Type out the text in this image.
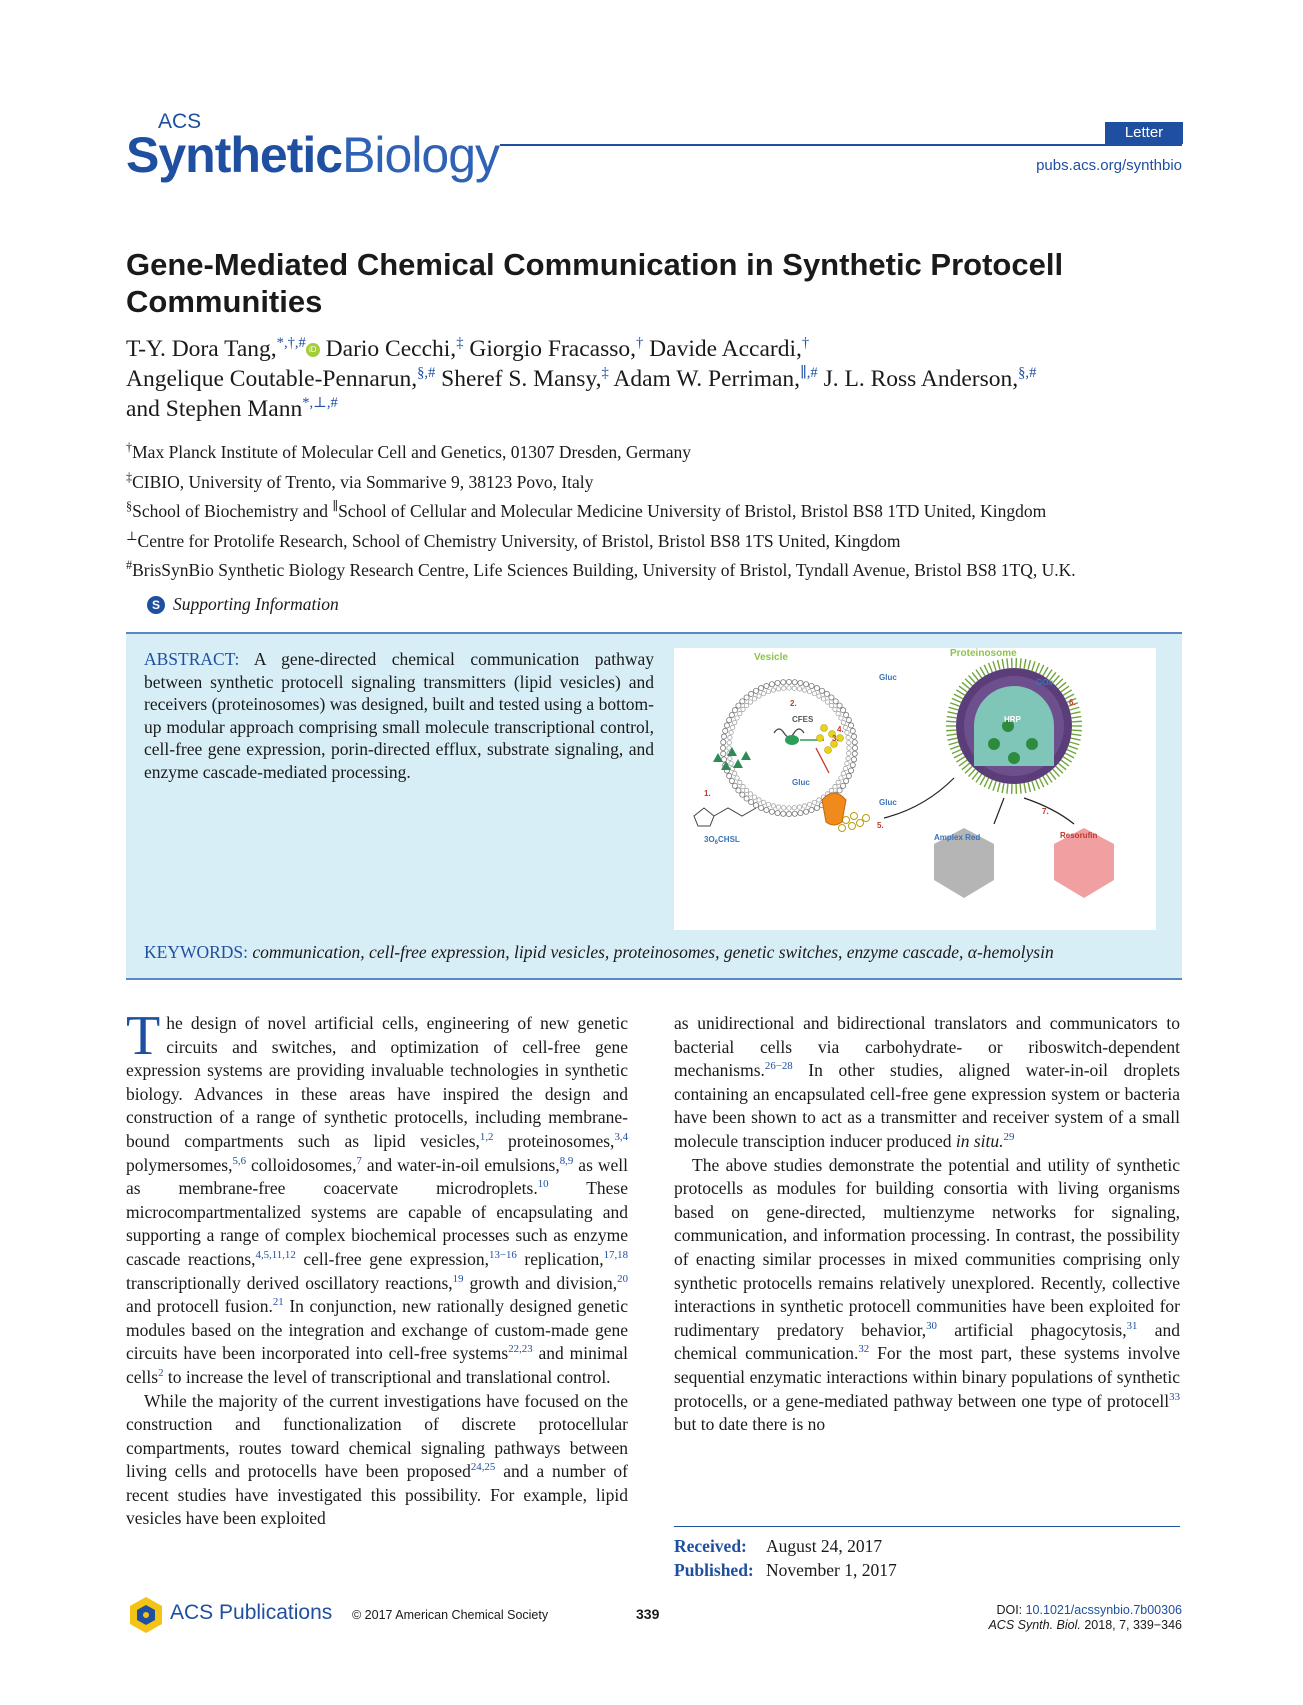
ACS
SyntheticBiology	Letter
pubs.acs.org/synthbio
Gene-Mediated Chemical Communication in Synthetic Protocell Communities
T-Y. Dora Tang,*,†,# iD Dario Cecchi,‡ Giorgio Fracasso,† Davide Accardi,†
Angelique Coutable-Pennarun,§,# Sheref S. Mansy,‡ Adam W. Perriman,∥,# J. L. Ross Anderson,§,#
and Stephen Mann*,⊥,#
†Max Planck Institute of Molecular Cell and Genetics, 01307 Dresden, Germany
‡CIBIO, University of Trento, via Sommarive 9, 38123 Povo, Italy
§School of Biochemistry and ∥School of Cellular and Molecular Medicine University of Bristol, Bristol BS8 1TD United, Kingdom
⊥Centre for Protolife Research, School of Chemistry University, of Bristol, Bristol BS8 1TS United, Kingdom
#BrisSynBio Synthetic Biology Research Centre, Life Sciences Building, University of Bristol, Tyndall Avenue, Bristol BS8 1TQ, U.K.
S Supporting Information
ABSTRACT: A gene-directed chemical communication pathway between synthetic protocell signaling transmitters (lipid vesicles) and receivers (proteinosomes) was designed, built and tested using a bottom-up modular approach comprising small molecule transcriptional control, cell-free gene expression, porin-directed efflux, substrate signaling, and enzyme cascade-mediated processing.
Vesicle	Proteinosome
CFES
Gluc
Gluc
Gluc
GOx
HRP
Amplex Red	Resorufin
$3O_6CHSL$
1.
2.
3.
4.
5.
6.
7.
KEYWORDS: communication, cell-free expression, lipid vesicles, proteinosomes, genetic switches, enzyme cascade, α-hemolysin

The design of novel artificial cells, engineering of new genetic circuits and switches, and optimization of cell-free gene expression systems are providing invaluable technologies in synthetic biology. Advances in these areas have inspired the design and construction of a range of synthetic protocells, including membrane-bound compartments such as lipid vesicles,$^{1,2}$ proteinosomes,$^{3,4}$ polymersomes,$^{5,6}$ colloidosomes,$^7$ and water-in-oil emulsions,$^{8,9}$ as well as membrane-free coacervate microdroplets.$^{10}$ These microcompartmentalized systems are capable of encapsulating and supporting a range of complex biochemical processes such as enzyme cascade reactions,$^{4,5,11,12}$ cell-free gene expression,$^{13-16}$ replication,$^{17,18}$ transcriptionally derived oscillatory reactions,$^{19}$ growth and division,$^{20}$ and protocell fusion.$^{21}$ In conjunction, new rationally designed genetic modules based on the integration and exchange of custom-made gene circuits have been incorporated into cell-free systems$^{22,23}$ and minimal cells$^2$ to increase the level of transcriptional and translational control.

While the majority of the current investigations have focused on the construction and functionalization of discrete protocellular compartments, routes toward chemical signaling pathways between living cells and protocells have been proposed$^{24,25}$ and a number of recent studies have investigated this possibility. For example, lipid vesicles have been exploited

as unidirectional and bidirectional translators and communicators to bacterial cells via carbohydrate- or riboswitch-dependent mechanisms.$^{26-28}$ In other studies, aligned water-in-oil droplets containing an encapsulated cell-free gene expression system or bacteria have been shown to act as a transmitter and receiver system of a small molecule transciption inducer produced in situ.$^{29}$

The above studies demonstrate the potential and utility of synthetic protocells as modules for building consortia with living organisms based on gene-directed, multienzyme networks for signaling, communication, and information processing. In contrast, the possibility of enacting similar processes in mixed communities comprising only synthetic protocells remains relatively unexplored. Recently, collective interactions in synthetic protocell communities have been exploited for rudimentary predatory behavior,$^{30}$ artificial phagocytosis,$^{31}$ and chemical communication.$^{32}$ For the most part, these systems involve sequential enzymatic interactions within binary populations of synthetic protocells, or a gene-mediated pathway between one type of protocell$^{33}$ but to date there is no

Received: August 24, 2017
Published: November 1, 2017
ACS Publications © 2017 American Chemical Society	339	DOI: 10.1021/acssynbio.7b00306
ACS Synth. Biol. 2018, 7, 339−346
